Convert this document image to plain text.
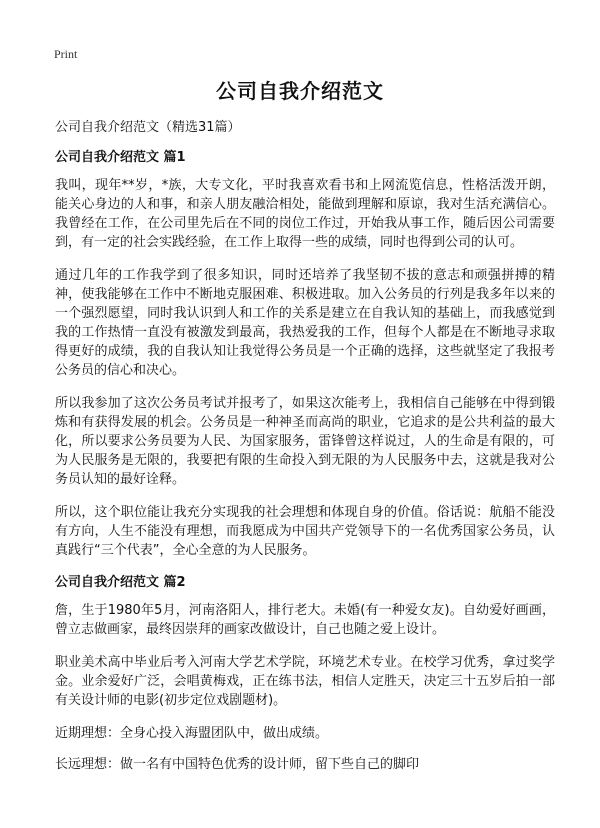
Print
公司自我介绍范文

公司自我介绍范文（精选31篇）

公司自我介绍范文 篇1

我叫，现年**岁，*族，大专文化，平时我喜欢看书和上网流览信息，性格活泼开朗，能关心身边的人和事，和亲人朋友融洽相处，能做到理解和原谅，我对生活充满信心。我曾经在工作，在公司里先后在不同的岗位工作过，开始我从事工作，随后因公司需要到，有一定的社会实践经验，在工作上取得一些的成绩，同时也得到公司的认可。

通过几年的工作我学到了很多知识，同时还培养了我坚韧不拔的意志和顽强拼搏的精神，使我能够在工作中不断地克服困难、积极进取。加入公务员的行列是我多年以来的一个强烈愿望，同时我认识到人和工作的关系是建立在自我认知的基础上，而我感觉到我的工作热情一直没有被激发到最高，我热爱我的工作，但每个人都是在不断地寻求取得更好的成绩，我的自我认知让我觉得公务员是一个正确的选择，这些就坚定了我报考公务员的信心和决心。

所以我参加了这次公务员考试并报考了，如果这次能考上，我相信自己能够在中得到锻炼和有获得发展的机会。公务员是一种神圣而高尚的职业，它追求的是公共利益的最大化，所以要求公务员要为人民、为国家服务，雷锋曾这样说过，人的生命是有限的，可为人民服务是无限的，我要把有限的生命投入到无限的为人民服务中去，这就是我对公务员认知的最好诠释。

所以，这个职位能让我充分实现我的社会理想和体现自身的价值。俗话说：航船不能没有方向，人生不能没有理想，而我愿成为中国共产党领导下的一名优秀国家公务员，认真践行“三个代表”，全心全意的为人民服务。

公司自我介绍范文 篇2

詹，生于1980年5月，河南洛阳人，排行老大。未婚(有一种爱女友)。自幼爱好画画，曾立志做画家，最终因崇拜的画家改做设计，自己也随之爱上设计。

职业美术高中毕业后考入河南大学艺术学院，环境艺术专业。在校学习优秀，拿过奖学金。业余爱好广泛，会唱黄梅戏，正在练书法，相信人定胜天，决定三十五岁后拍一部有关设计师的电影(初步定位戏剧题材)。

近期理想：全身心投入海盟团队中，做出成绩。

长远理想：做一名有中国特色优秀的设计师，留下些自己的脚印
